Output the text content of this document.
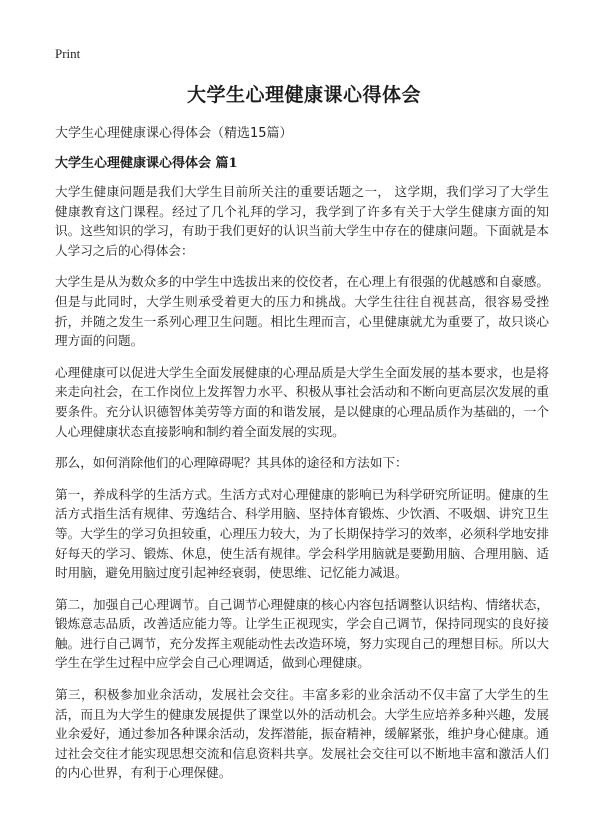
Print
大学生心理健康课心得体会
大学生心理健康课心得体会（精选15篇）
大学生心理健康课心得体会 篇1

大学生健康问题是我们大学生目前所关注的重要话题之一， 这学期，我们学习了大学生健康教育这门课程。经过了几个礼拜的学习，我学到了许多有关于大学生健康方面的知识。这些知识的学习，有助于我们更好的认识当前大学生中存在的健康问题。下面就是本人学习之后的心得体会：

大学生是从为数众多的中学生中选拔出来的佼佼者，在心理上有很强的优越感和自豪感。但是与此同时，大学生则承受着更大的压力和挑战。大学生往往自视甚高，很容易受挫折，并随之发生一系列心理卫生问题。相比生理而言，心里健康就尤为重要了，故只谈心理方面的问题。

心理健康可以促进大学生全面发展健康的心理品质是大学生全面发展的基本要求，也是将来走向社会，在工作岗位上发挥智力水平、积极从事社会活动和不断向更高层次发展的重要条件。充分认识德智体美劳等方面的和谐发展，是以健康的心理品质作为基础的，一个人心理健康状态直接影响和制约着全面发展的实现。

那么，如何消除他们的心理障碍呢？其具体的途径和方法如下：

第一，养成科学的生活方式。生活方式对心理健康的影响已为科学研究所证明。健康的生活方式指生活有规律、劳逸结合、科学用脑、坚持体育锻炼、少饮酒、不吸烟、讲究卫生等。大学生的学习负担较重，心理压力较大，为了长期保持学习的效率，必须科学地安排好每天的学习、锻炼、休息，使生活有规律。学会科学用脑就是要勤用脑、合理用脑、适时用脑，避免用脑过度引起神经衰弱，使思维、记忆能力减退。

第二，加强自己心理调节。自己调节心理健康的核心内容包括调整认识结构、情绪状态，锻炼意志品质，改善适应能力等。让学生正视现实，学会自己调节，保持同现实的良好接触。进行自己调节，充分发挥主观能动性去改造环境，努力实现自己的理想目标。所以大学生在学生过程中应学会自己心理调适，做到心理健康。

第三，积极参加业余活动，发展社会交往。丰富多彩的业余活动不仅丰富了大学生的生活，而且为大学生的健康发展提供了课堂以外的活动机会。大学生应培养多种兴趣，发展业余爱好，通过参加各种课余活动，发挥潜能，振奋精神，缓解紧张，维护身心健康。通过社会交往才能实现思想交流和信息资料共享。发展社会交往可以不断地丰富和激活人们的内心世界，有利于心理保健。
